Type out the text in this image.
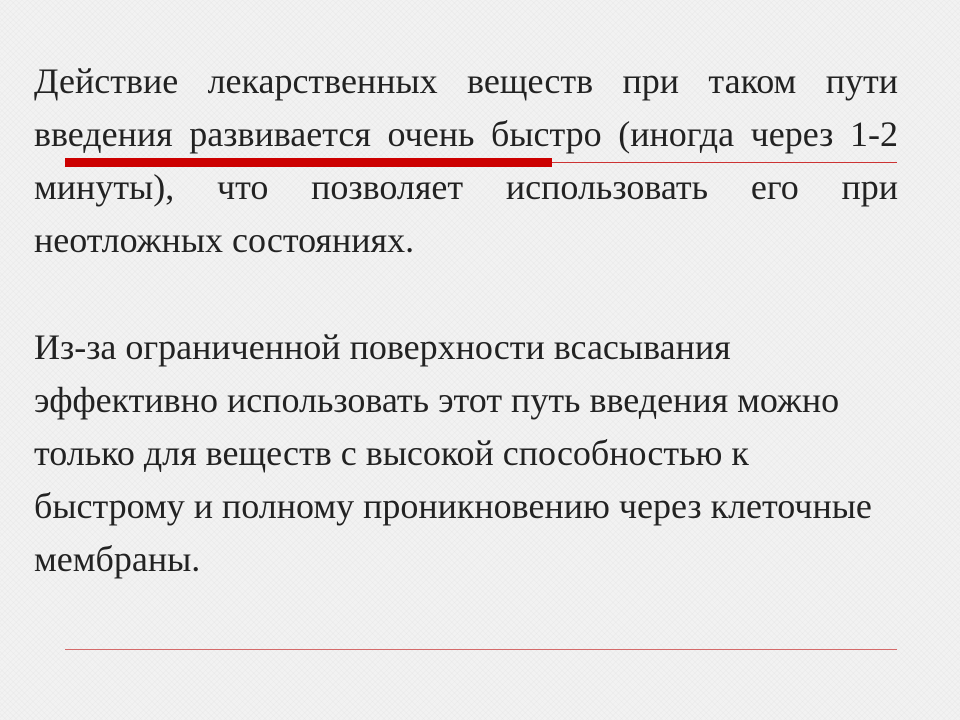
Действие лекарственных веществ при таком пути введения развивается очень быстро (иногда через 1-2 минуты), что позволяет использовать его при неотложных состояниях.

Из-за ограниченной поверхности всасывания эффективно использовать этот путь введения можно только для веществ с высокой способностью к быстрому и полному проникновению через клеточные мембраны.
